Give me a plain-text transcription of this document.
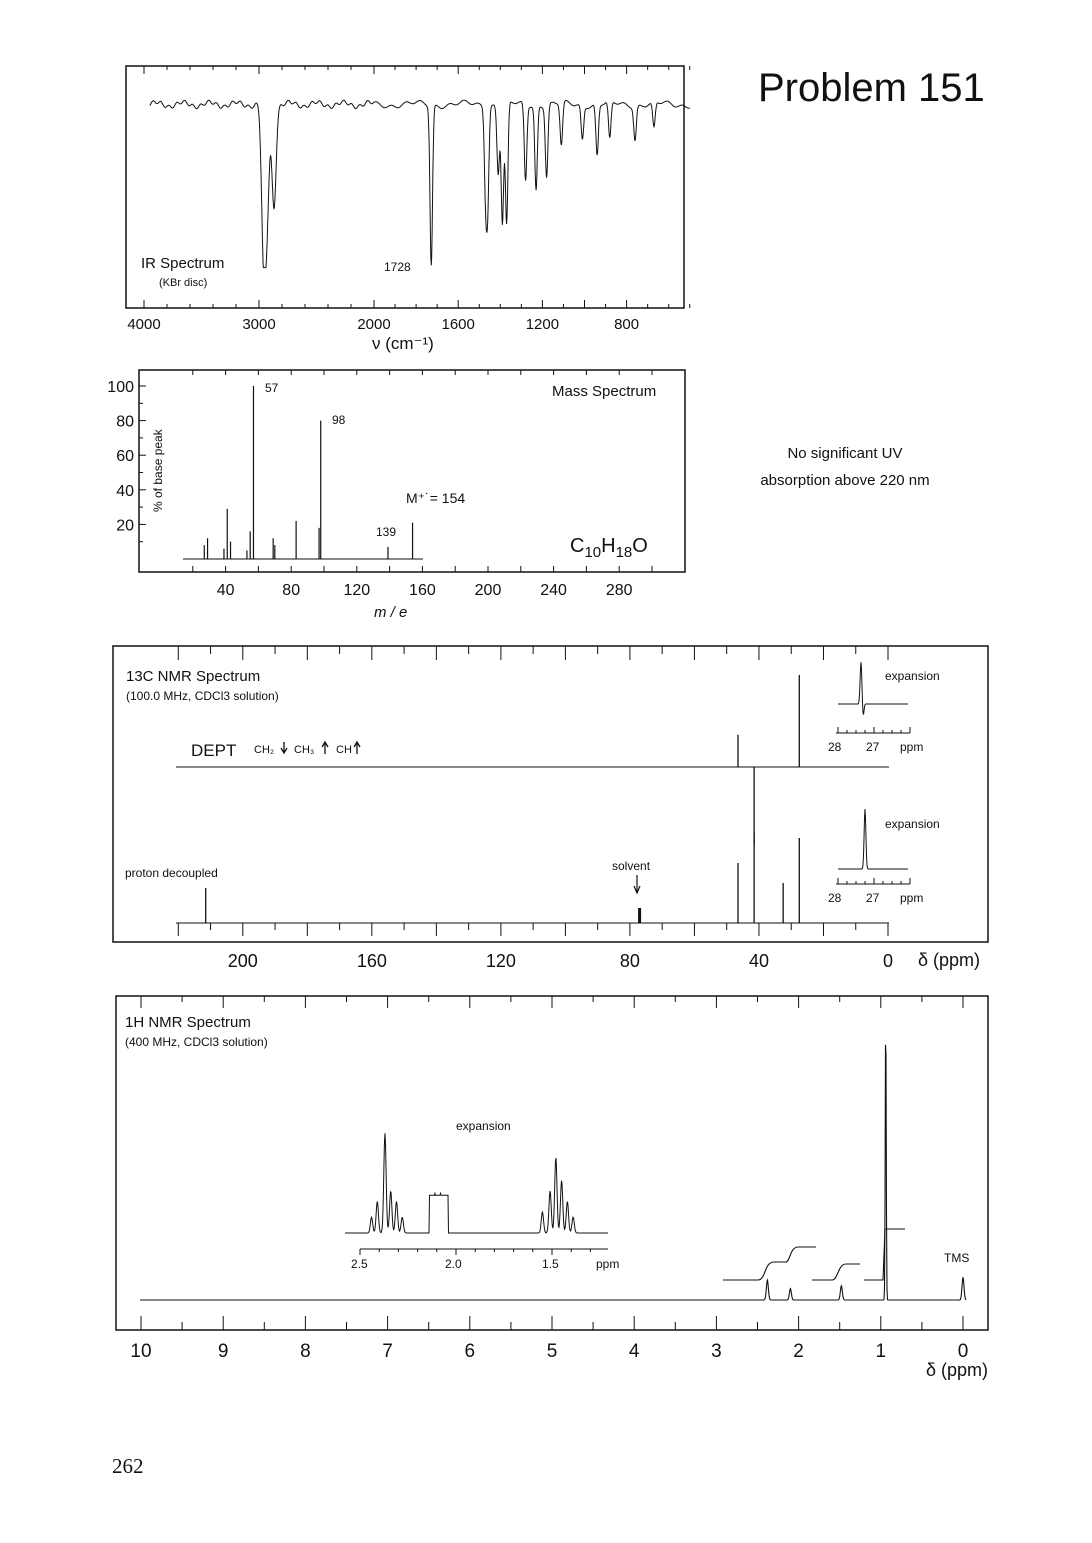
Problem 151
IR Spectrum
(KBr disc)
1728
4000	3000	2000	1600	1200	800
ν (cm⁻¹)
20
40
60
80
100
40	80	120 160 200 240 280
% of base peak
m / e
Mass Spectrum
57
98
139
M⁺˙= 154
$C_{10}H_{18}O$
No significant UV
absorption above 220 nm
200	160	120	80	40	0 δ (ppm)
13C NMR Spectrum
(100.0 MHz, CDCl3 solution)
DEPT CH₂ CH₃ CH
proton decoupled	solvent
expansion
28 27 ppm
expansion
28 27 ppm
10	9	8	7	6	5	4	3	2	1	0
δ (ppm)
1H NMR Spectrum
(400 MHz, CDCl3 solution)
TMS
expansion
2.5	2.0	1.5	ppm
262
